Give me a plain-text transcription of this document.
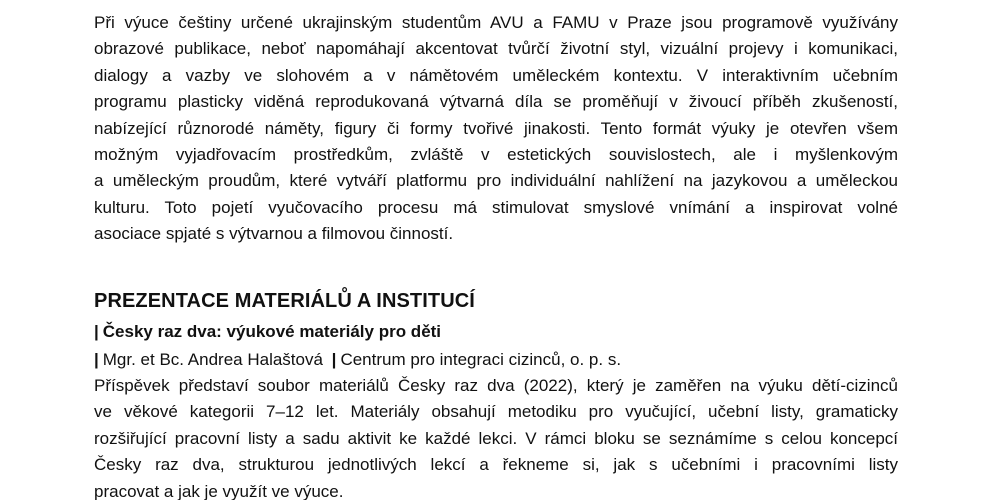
Při výuce češtiny určené ukrajinským studentům AVU a FAMU v Praze jsou programově využívány
obrazové publikace, neboť napomáhají akcentovat tvůrčí životní styl, vizuální projevy i komunikaci,
dialogy a vazby ve slohovém a v námětovém uměleckém kontextu. V interaktivním učebním
programu plasticky viděná reprodukovaná výtvarná díla se proměňují v živoucí příběh zkušeností,
nabízející různorodé náměty, figury či formy tvořivé jinakosti. Tento formát výuky je otevřen všem
možným vyjadřovacím prostředkům, zvláště v estetických souvislostech, ale i myšlenkovým
a uměleckým proudům, které vytváří platformu pro individuální nahlížení na jazykovou a uměleckou
kulturu. Toto pojetí vyučovacího procesu má stimulovat smyslové vnímání a inspirovat volné
asociace spjaté s výtvarnou a filmovou činností.
PREZENTACE MATERIÁLŮ A INSTITUCÍ

| Česky raz dva: výukové materiály pro děti

| Mgr. et Bc. Andrea Halaštová | Centrum pro integraci cizinců, o. p. s.

Příspěvek představí soubor materiálů Česky raz dva (2022), který je zaměřen na výuku dětí-cizinců
ve věkové kategorii 7–12 let. Materiály obsahují metodiku pro vyučující, učební listy, gramaticky
rozšiřující pracovní listy a sadu aktivit ke každé lekci. V rámci bloku se seznámíme s celou koncepcí
Česky raz dva, strukturou jednotlivých lekcí a řekneme si, jak s učebními i pracovními listy
pracovat a jak je využít ve výuce.
